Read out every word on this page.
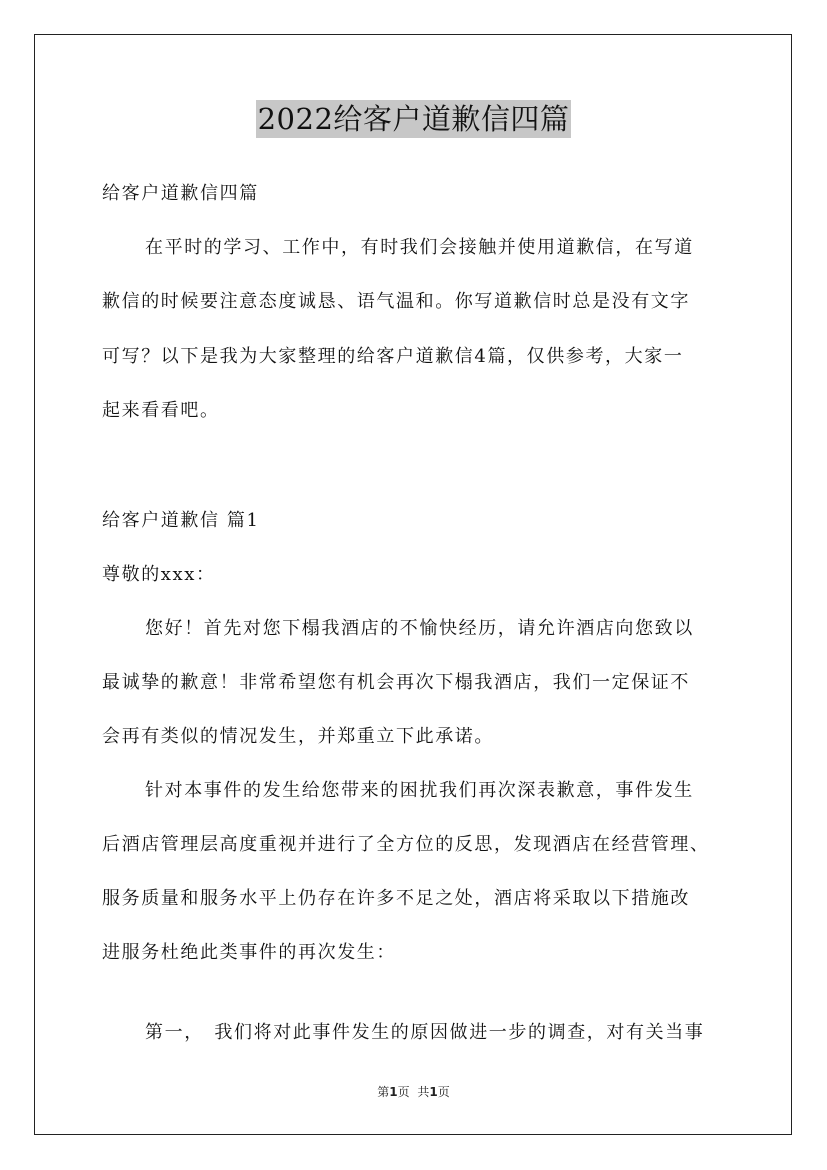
2022给客户道歉信四篇
给客户道歉信四篇
在平时的学习、工作中，有时我们会接触并使用道歉信，在写道
歉信的时候要注意态度诚恳、语气温和。你写道歉信时总是没有文字
可写？以下是我为大家整理的给客户道歉信4篇，仅供参考，大家一
起来看看吧。
给客户道歉信 篇1
尊敬的xxx：
您好！首先对您下榻我酒店的不愉快经历，请允许酒店向您致以
最诚挚的歉意！非常希望您有机会再次下榻我酒店，我们一定保证不
会再有类似的情况发生，并郑重立下此承诺。
针对本事件的发生给您带来的困扰我们再次深表歉意，事件发生
后酒店管理层高度重视并进行了全方位的反思，发现酒店在经营管理、
服务质量和服务水平上仍存在许多不足之处，酒店将采取以下措施改
进服务杜绝此类事件的再次发生：
第一，　我们将对此事件发生的原因做进一步的调查，对有关当事
第1页 共1页
